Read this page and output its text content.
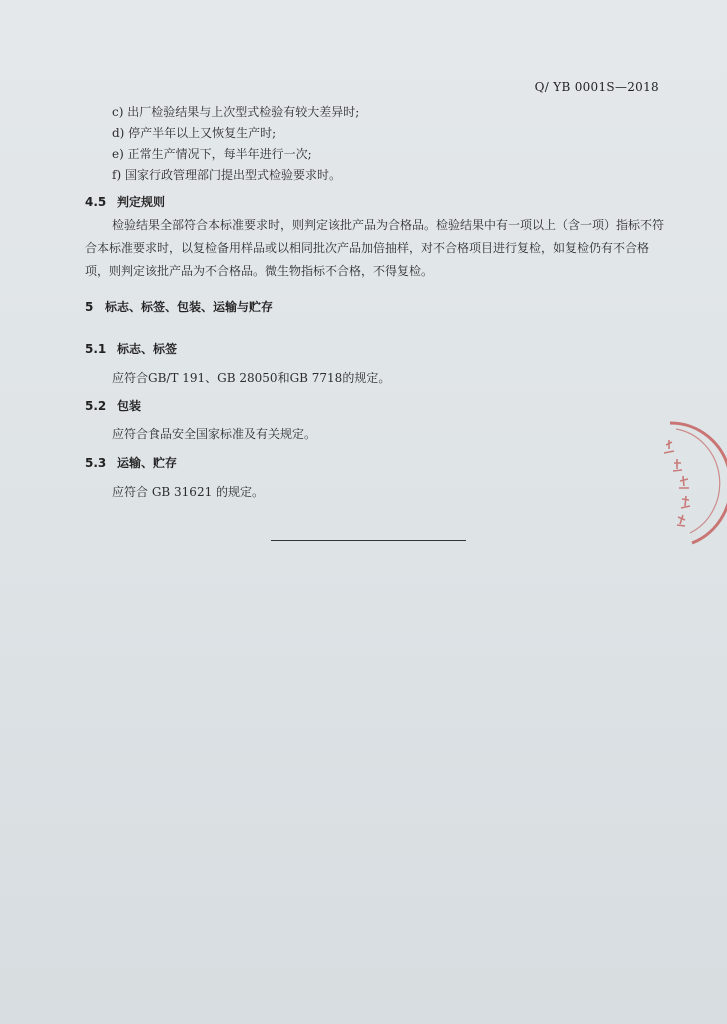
Q/ YB 0001S—2018
c) 出厂检验结果与上次型式检验有较大差异时;
d) 停产半年以上又恢复生产时;
e) 正常生产情况下，每半年进行一次;
f) 国家行政管理部门提出型式检验要求时。
4.5 判定规则
检验结果全部符合本标准要求时，则判定该批产品为合格品。检验结果中有一项以上（含一项）指标不符合本标准要求时，以复检备用样品或以相同批次产品加倍抽样，对不合格项目进行复检，如复检仍有不合格项，则判定该批产品为不合格品。微生物指标不合格，不得复检。
5 标志、标签、包装、运输与贮存
5.1 标志、标签
应符合GB/T 191、GB 28050和GB 7718的规定。
5.2 包装
应符合食品安全国家标准及有关规定。
5.3 运输、贮存
应符合 GB 31621 的规定。
